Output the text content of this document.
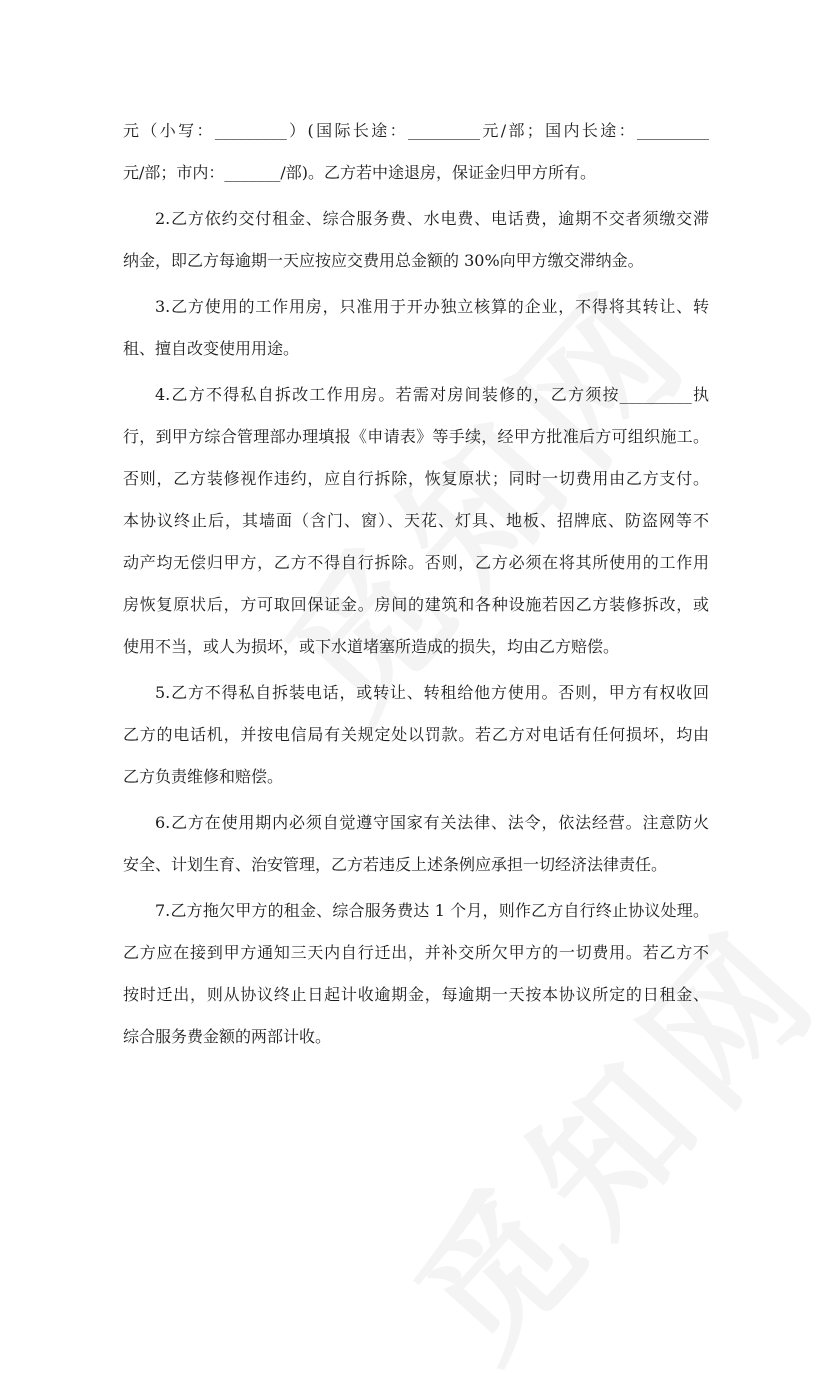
元（小写：_________）(国际长途：_________元/部；国内长途：_________
元/部；市内：_______/部)。乙方若中途退房，保证金归甲方所有。
2.乙方依约交付租金、综合服务费、水电费、电话费，逾期不交者须缴交滞
纳金，即乙方每逾期一天应按应交费用总金额的 30%向甲方缴交滞纳金。
3.乙方使用的工作用房，只准用于开办独立核算的企业，不得将其转让、转
租、擅自改变使用用途。
4.乙方不得私自拆改工作用房。若需对房间装修的，乙方须按_________执
行，到甲方综合管理部办理填报《申请表》等手续，经甲方批准后方可组织施工。
否则，乙方装修视作违约，应自行拆除，恢复原状；同时一切费用由乙方支付。
本协议终止后，其墙面（含门、窗）、天花、灯具、地板、招牌底、防盗网等不
动产均无偿归甲方，乙方不得自行拆除。否则，乙方必须在将其所使用的工作用
房恢复原状后，方可取回保证金。房间的建筑和各种设施若因乙方装修拆改，或
使用不当，或人为损坏，或下水道堵塞所造成的损失，均由乙方赔偿。
5.乙方不得私自拆装电话，或转让、转租给他方使用。否则，甲方有权收回
乙方的电话机，并按电信局有关规定处以罚款。若乙方对电话有任何损坏，均由
乙方负责维修和赔偿。
6.乙方在使用期内必须自觉遵守国家有关法律、法令，依法经营。注意防火
安全、计划生育、治安管理，乙方若违反上述条例应承担一切经济法律责任。
7.乙方拖欠甲方的租金、综合服务费达 1 个月，则作乙方自行终止协议处理。
乙方应在接到甲方通知三天内自行迁出，并补交所欠甲方的一切费用。若乙方不
按时迁出，则从协议终止日起计收逾期金，每逾期一天按本协议所定的日租金、
综合服务费金额的两部计收。
